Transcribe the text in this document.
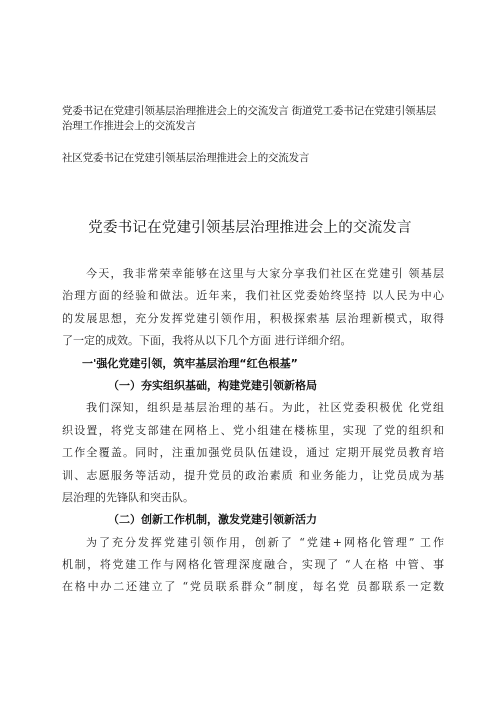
党委书记在党建引领基层治理推进会上的交流发言 街道党工委书记在党建引领基层
治理工作推进会上的交流发言
社区党委书记在党建引领基层治理推进会上的交流发言
党委书记在党建引领基层治理推进会上的交流发言
今天，我非常荣幸能够在这里与大家分享我们社区在党建引 领基层
治理方面的经验和做法。近年来，我们社区党委始终坚持 以人民为中心
的发展思想，充分发挥党建引领作用，积极探索基 层治理新模式，取得
了一定的成效。下面，我将从以下几个方面 进行详细介绍。
一'强化党建引领，筑牢基层治理“红色根基”
（一）夯实组织基础，构建党建引领新格局
我们深知，组织是基层治理的基石。为此，社区党委积极优 化党组
织设置，将党支部建在网格上、党小组建在楼栋里，实现 了党的组织和
工作全覆盖。同时，注重加强党员队伍建设，通过 定期开展党员教育培
训、志愿服务等活动，提升党员的政治素质 和业务能力，让党员成为基
层治理的先锋队和突击队。
（二）创新工作机制，激发党建引领新活力
为了充分发挥党建引领作用，创新了 “党建+网格化管理” 工作
机制，将党建工作与网格化管理深度融合，实现了 “人在格 中管、事
在格中办二还建立了 “党员联系群众”制度，每名党 员都联系一定数
